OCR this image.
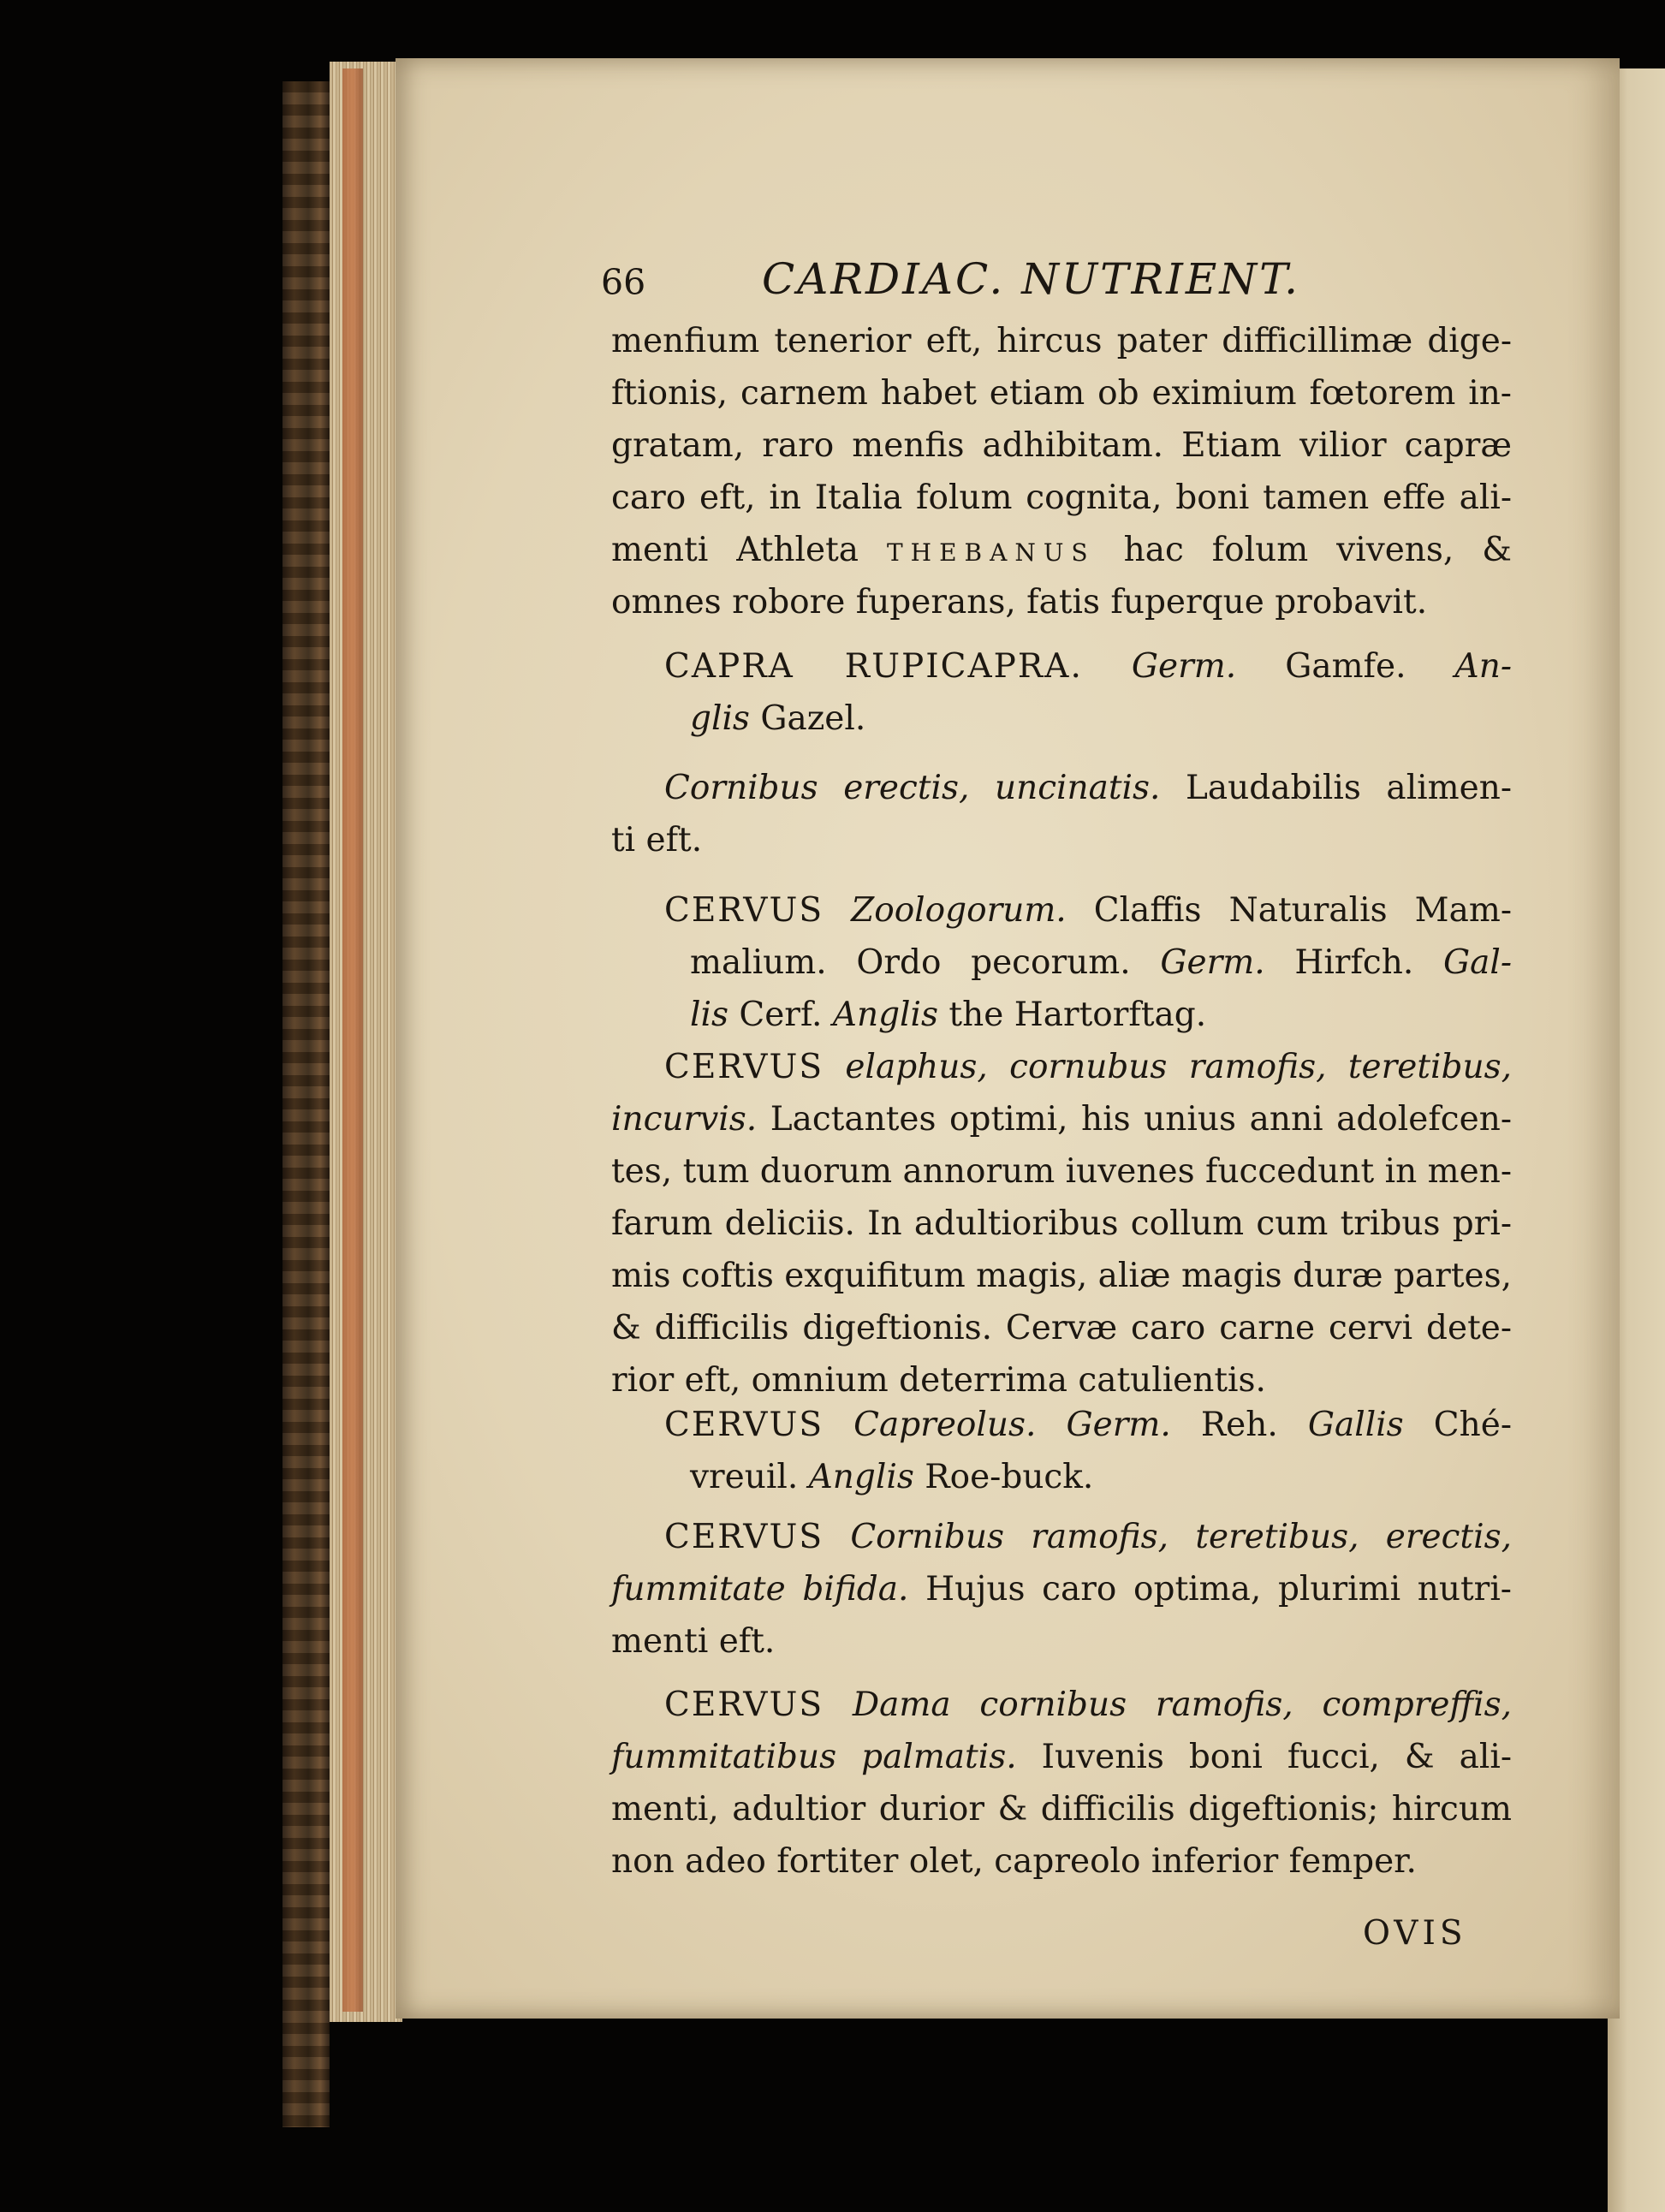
66	CARDIAC. NUTRIENT.
menfium tenerior eft, hircus pater difficillimæ dige-
ftionis, carnem habet etiam ob eximium fœtorem in-
gratam, raro menfis adhibitam. Etiam vilior capræ
caro eft, in Italia folum cognita, boni tamen effe ali-
menti Athleta THEBANUS hac folum vivens, &
omnes robore fuperans, fatis fuperque probavit.
CAPRA RUPICAPRA. Germ. Gamfe. An-
glis Gazel.
Cornibus erectis, uncinatis. Laudabilis alimen-
ti eft.
CERVUS Zoologorum. Claffis Naturalis Mam-
malium. Ordo pecorum. Germ. Hirfch. Gal-
lis Cerf. Anglis the Hartorftag.
CERVUS elaphus, cornubus ramofis, teretibus,
incurvis. Lactantes optimi, his unius anni adolefcen-
tes, tum duorum annorum iuvenes fuccedunt in men-
farum deliciis. In adultioribus collum cum tribus pri-
mis coftis exquifitum magis, aliæ magis duræ partes,
& difficilis digeftionis. Cervæ caro carne cervi dete-
rior eft, omnium deterrima catulientis.
CERVUS Capreolus. Germ. Reh. Gallis Ché-
vreuil. Anglis Roe-buck.
CERVUS Cornibus ramofis, teretibus, erectis,
fummitate bifida. Hujus caro optima, plurimi nutri-
menti eft.
CERVUS Dama cornibus ramofis, compreffis,
fummitatibus palmatis. Iuvenis boni fucci, & ali-
menti, adultior durior & difficilis digeftionis; hircum
non adeo fortiter olet, capreolo inferior femper.
OVIS
